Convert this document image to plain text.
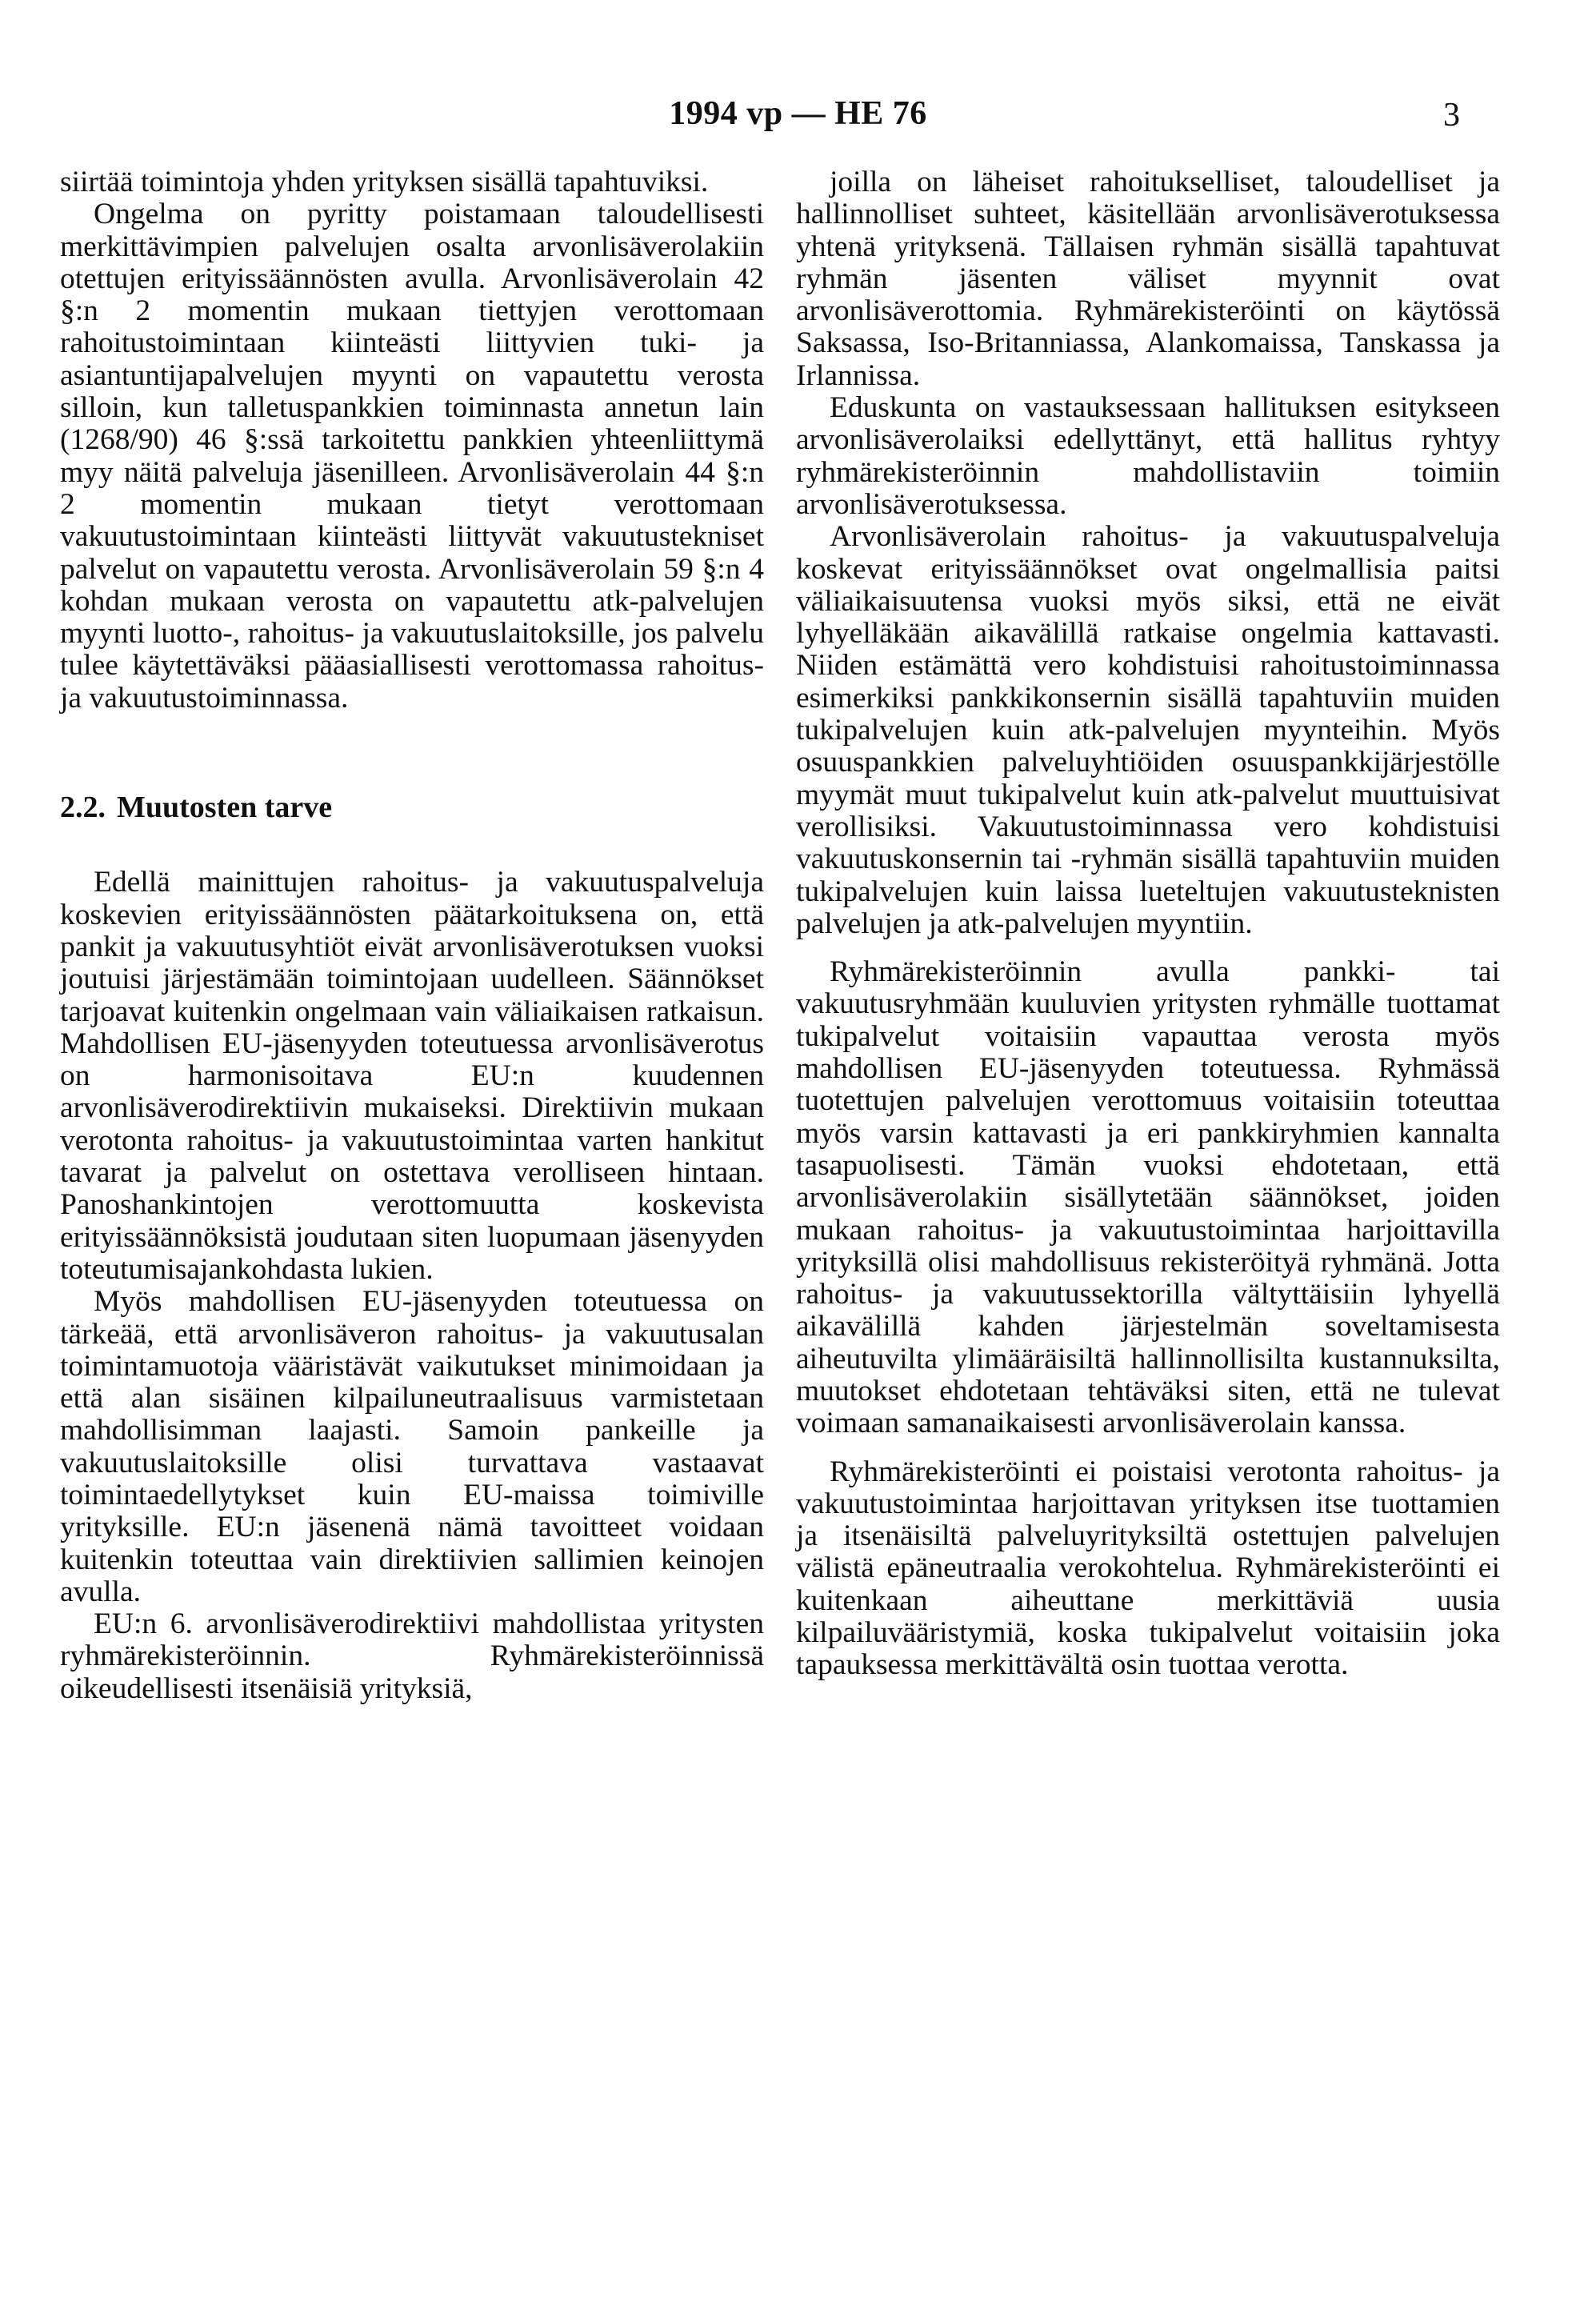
1994 vp — HE 76	3

siirtää toimintoja yhden yrityksen sisällä tapahtuviksi.

Ongelma on pyritty poistamaan taloudellisesti merkittävimpien palvelujen osalta arvonlisäverolakiin otettujen erityissäännösten avulla. Arvonlisäverolain 42 §:n 2 momentin mukaan tiettyjen verottomaan rahoitustoimintaan kiinteästi liittyvien tuki- ja asiantuntijapalvelujen myynti on vapautettu verosta silloin, kun talletuspankkien toiminnasta annetun lain (1268/90) 46 §:ssä tarkoitettu pankkien yhteenliittymä myy näitä palveluja jäsenilleen. Arvonlisäverolain 44 §:n 2 momentin mukaan tietyt verottomaan vakuutustoimintaan kiinteästi liittyvät vakuutustekniset palvelut on vapautettu verosta. Arvonlisäverolain 59 §:n 4 kohdan mukaan verosta on vapautettu atk-palvelujen myynti luotto-, rahoitus- ja vakuutuslaitoksille, jos palvelu tulee käytettäväksi pääasiallisesti verottomassa rahoitus- ja vakuutustoiminnassa.

2.2. Muutosten tarve

Edellä mainittujen rahoitus- ja vakuutuspalveluja koskevien erityissäännösten päätarkoituksena on, että pankit ja vakuutusyhtiöt eivät arvonlisäverotuksen vuoksi joutuisi järjestämään toimintojaan uudelleen. Säännökset tarjoavat kuitenkin ongelmaan vain väliaikaisen ratkaisun. Mahdollisen EU-jäsenyyden toteutuessa arvonlisäverotus on harmonisoitava EU:n kuudennen arvonlisäverodirektiivin mukaiseksi. Direktiivin mukaan verotonta rahoitus- ja vakuutustoimintaa varten hankitut tavarat ja palvelut on ostettava verolliseen hintaan. Panoshankintojen verottomuutta koskevista erityissäännöksistä joudutaan siten luopumaan jäsenyyden toteutumisajankohdasta lukien.

Myös mahdollisen EU-jäsenyyden toteutuessa on tärkeää, että arvonlisäveron rahoitus- ja vakuutusalan toimintamuotoja vääristävät vaikutukset minimoidaan ja että alan sisäinen kilpailuneutraalisuus varmistetaan mahdollisimman laajasti. Samoin pankeille ja vakuutuslaitoksille olisi turvattava vastaavat toimintaedellytykset kuin EU-maissa toimiville yrityksille. EU:n jäsenenä nämä tavoitteet voidaan kuitenkin toteuttaa vain direktiivien sallimien keinojen avulla.

EU:n 6. arvonlisäverodirektiivi mahdollistaa yritysten ryhmärekisteröinnin. Ryhmärekisteröinnissä oikeudellisesti itsenäisiä yrityksiä,

joilla on läheiset rahoitukselliset, taloudelliset ja hallinnolliset suhteet, käsitellään arvonlisäverotuksessa yhtenä yrityksenä. Tällaisen ryhmän sisällä tapahtuvat ryhmän jäsenten väliset myynnit ovat arvonlisäverottomia. Ryhmärekisteröinti on käytössä Saksassa, Iso-Britanniassa, Alankomaissa, Tanskassa ja Irlannissa.

Eduskunta on vastauksessaan hallituksen esitykseen arvonlisäverolaiksi edellyttänyt, että hallitus ryhtyy ryhmärekisteröinnin mahdollistaviin toimiin arvonlisäverotuksessa.

Arvonlisäverolain rahoitus- ja vakuutuspalveluja koskevat erityissäännökset ovat ongelmallisia paitsi väliaikaisuutensa vuoksi myös siksi, että ne eivät lyhyelläkään aikavälillä ratkaise ongelmia kattavasti. Niiden estämättä vero kohdistuisi rahoitustoiminnassa esimerkiksi pankkikonsernin sisällä tapahtuviin muiden tukipalvelujen kuin atk-palvelujen myynteihin. Myös osuuspankkien palveluyhtiöiden osuuspankkijärjestölle myymät muut tukipalvelut kuin atk-palvelut muuttuisivat verollisiksi. Vakuutustoiminnassa vero kohdistuisi vakuutuskonsernin tai -ryhmän sisällä tapahtuviin muiden tukipalvelujen kuin laissa lueteltujen vakuutusteknisten palvelujen ja atk-palvelujen myyntiin.

Ryhmärekisteröinnin avulla pankki- tai vakuutusryhmään kuuluvien yritysten ryhmälle tuottamat tukipalvelut voitaisiin vapauttaa verosta myös mahdollisen EU-jäsenyyden toteutuessa. Ryhmässä tuotettujen palvelujen verottomuus voitaisiin toteuttaa myös varsin kattavasti ja eri pankkiryhmien kannalta tasapuolisesti. Tämän vuoksi ehdotetaan, että arvonlisäverolakiin sisällytetään säännökset, joiden mukaan rahoitus- ja vakuutustoimintaa harjoittavilla yrityksillä olisi mahdollisuus rekisteröityä ryhmänä. Jotta rahoitus- ja vakuutussektorilla vältyttäisiin lyhyellä aikavälillä kahden järjestelmän soveltamisesta aiheutuvilta ylimääräisiltä hallinnollisilta kustannuksilta, muutokset ehdotetaan tehtäväksi siten, että ne tulevat voimaan samanaikaisesti arvonlisäverolain kanssa.

Ryhmärekisteröinti ei poistaisi verotonta rahoitus- ja vakuutustoimintaa harjoittavan yrityksen itse tuottamien ja itsenäisiltä palveluyrityksiltä ostettujen palvelujen välistä epäneutraalia verokohtelua. Ryhmärekisteröinti ei kuitenkaan aiheuttane merkittäviä uusia kilpailuvääristymiä, koska tukipalvelut voitaisiin joka tapauksessa merkittävältä osin tuottaa verotta.
